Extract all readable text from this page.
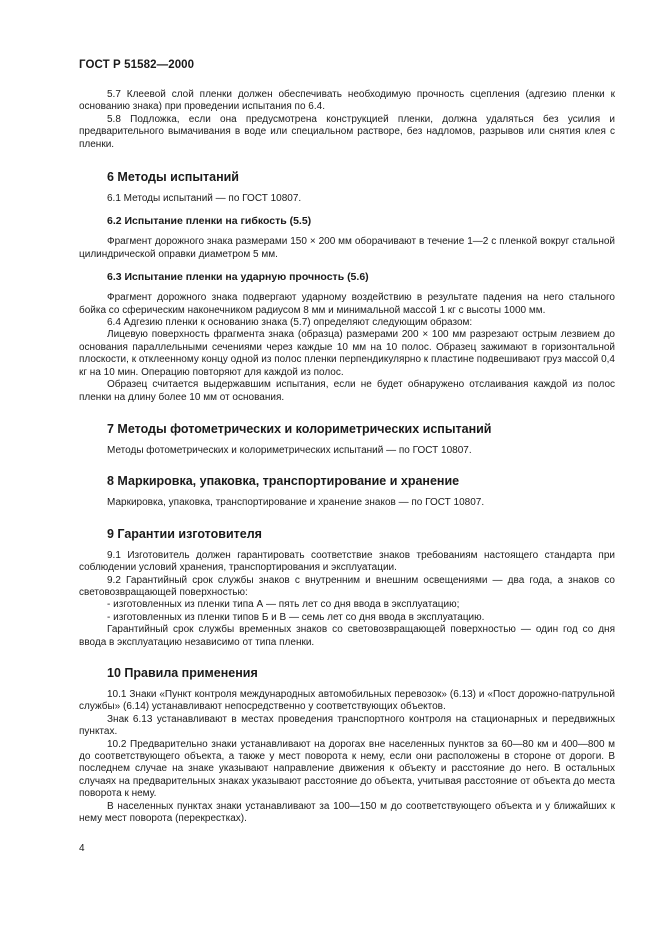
ГОСТ Р 51582—2000

5.7 Клеевой слой пленки должен обеспечивать необходимую прочность сцепления (адгезию пленки к основанию знака) при проведении испытания по 6.4.

5.8 Подложка, если она предусмотрена конструкцией пленки, должна удаляться без усилия и предварительного вымачивания в воде или специальном растворе, без надломов, разрывов или снятия клея с пленки.

6 Методы испытаний

6.1 Методы испытаний — по ГОСТ 10807.

6.2 Испытание пленки на гибкость (5.5)

Фрагмент дорожного знака размерами 150 × 200 мм оборачивают в течение 1—2 с пленкой вокруг стальной цилиндрической оправки диаметром 5 мм.

6.3 Испытание пленки на ударную прочность (5.6)

Фрагмент дорожного знака подвергают ударному воздействию в результате падения на него стального бойка со сферическим наконечником радиусом 8 мм и минимальной массой 1 кг с высоты 1000 мм.

6.4 Адгезию пленки к основанию знака (5.7) определяют следующим образом:

Лицевую поверхность фрагмента знака (образца) размерами 200 × 100 мм разрезают острым лезвием до основания параллельными сечениями через каждые 10 мм на 10 полос. Образец зажимают в горизонтальной плоскости, к отклеенному концу одной из полос пленки перпендикулярно к пластине подвешивают груз массой 0,4 кг на 10 мин. Операцию повторяют для каждой из полос.

Образец считается выдержавшим испытания, если не будет обнаружено отслаивания каждой из полос пленки на длину более 10 мм от основания.

7 Методы фотометрических и колориметрических испытаний

Методы фотометрических и колориметрических испытаний — по ГОСТ 10807.

8 Маркировка, упаковка, транспортирование и хранение

Маркировка, упаковка, транспортирование и хранение знаков — по ГОСТ 10807.

9 Гарантии изготовителя

9.1 Изготовитель должен гарантировать соответствие знаков требованиям настоящего стандарта при соблюдении условий хранения, транспортирования и эксплуатации.

9.2 Гарантийный срок службы знаков с внутренним и внешним освещениями — два года, а знаков со световозвращающей поверхностью:

- изготовленных из пленки типа А — пять лет со дня ввода в эксплуатацию;

- изготовленных из пленки типов Б и В — семь лет со дня ввода в эксплуатацию.

Гарантийный срок службы временных знаков со световозвращающей поверхностью — один год со дня ввода в эксплуатацию независимо от типа пленки.

10 Правила применения

10.1 Знаки «Пункт контроля международных автомобильных перевозок» (6.13) и «Пост дорожно-патрульной службы» (6.14) устанавливают непосредственно у соответствующих объектов.

Знак 6.13 устанавливают в местах проведения транспортного контроля на стационарных и передвижных пунктах.

10.2 Предварительно знаки устанавливают на дорогах вне населенных пунктов за 60—80 км и 400—800 м до соответствующего объекта, а также у мест поворота к нему, если они расположены в стороне от дороги. В последнем случае на знаке указывают направление движения к объекту и расстояние до него. В остальных случаях на предварительных знаках указывают расстояние до объекта, учитывая расстояние от объекта до места поворота к нему.

В населенных пунктах знаки устанавливают за 100—150 м до соответствующего объекта и у ближайших к нему мест поворота (перекрестках).

4
